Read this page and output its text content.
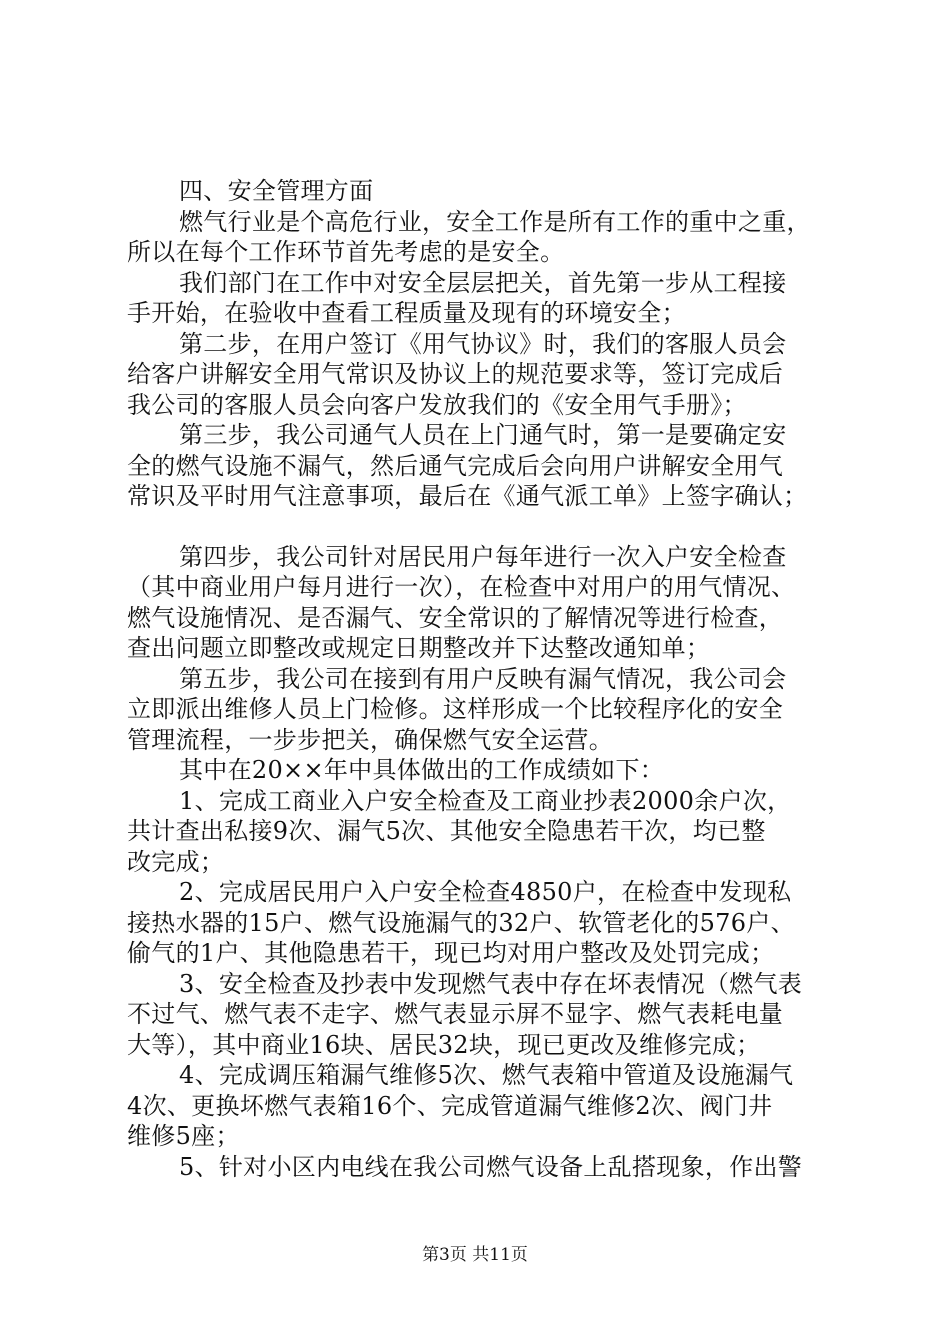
四、安全管理方面
燃气行业是个高危行业，安全工作是所有工作的重中之重，
所以在每个工作环节首先考虑的是安全。
我们部门在工作中对安全层层把关，首先第一步从工程接
手开始，在验收中查看工程质量及现有的环境安全；
第二步，在用户签订《用气协议》时，我们的客服人员会
给客户讲解安全用气常识及协议上的规范要求等，签订完成后
我公司的客服人员会向客户发放我们的《安全用气手册》；
第三步，我公司通气人员在上门通气时，第一是要确定安
全的燃气设施不漏气，然后通气完成后会向用户讲解安全用气
常识及平时用气注意事项，最后在《通气派工单》上签字确认；
第四步，我公司针对居民用户每年进行一次入户安全检查
（其中商业用户每月进行一次），在检查中对用户的用气情况、
燃气设施情况、是否漏气、安全常识的了解情况等进行检查，
查出问题立即整改或规定日期整改并下达整改通知单；
第五步，我公司在接到有用户反映有漏气情况，我公司会
立即派出维修人员上门检修。这样形成一个比较程序化的安全
管理流程，一步步把关，确保燃气安全运营。
其中在20××年中具体做出的工作成绩如下：
1、完成工商业入户安全检查及工商业抄表2000余户次，
共计查出私接9次、漏气5次、其他安全隐患若干次，均已整
改完成；
2、完成居民用户入户安全检查4850户，在检查中发现私
接热水器的15户、燃气设施漏气的32户、软管老化的576户、
偷气的1户、其他隐患若干，现已均对用户整改及处罚完成；
3、安全检查及抄表中发现燃气表中存在坏表情况（燃气表
不过气、燃气表不走字、燃气表显示屏不显字、燃气表耗电量
大等），其中商业16块、居民32块，现已更改及维修完成；
4、完成调压箱漏气维修5次、燃气表箱中管道及设施漏气
4次、更换坏燃气表箱16个、完成管道漏气维修2次、阀门井
维修5座；
5、针对小区内电线在我公司燃气设备上乱搭现象，作出警
第3页 共11页
